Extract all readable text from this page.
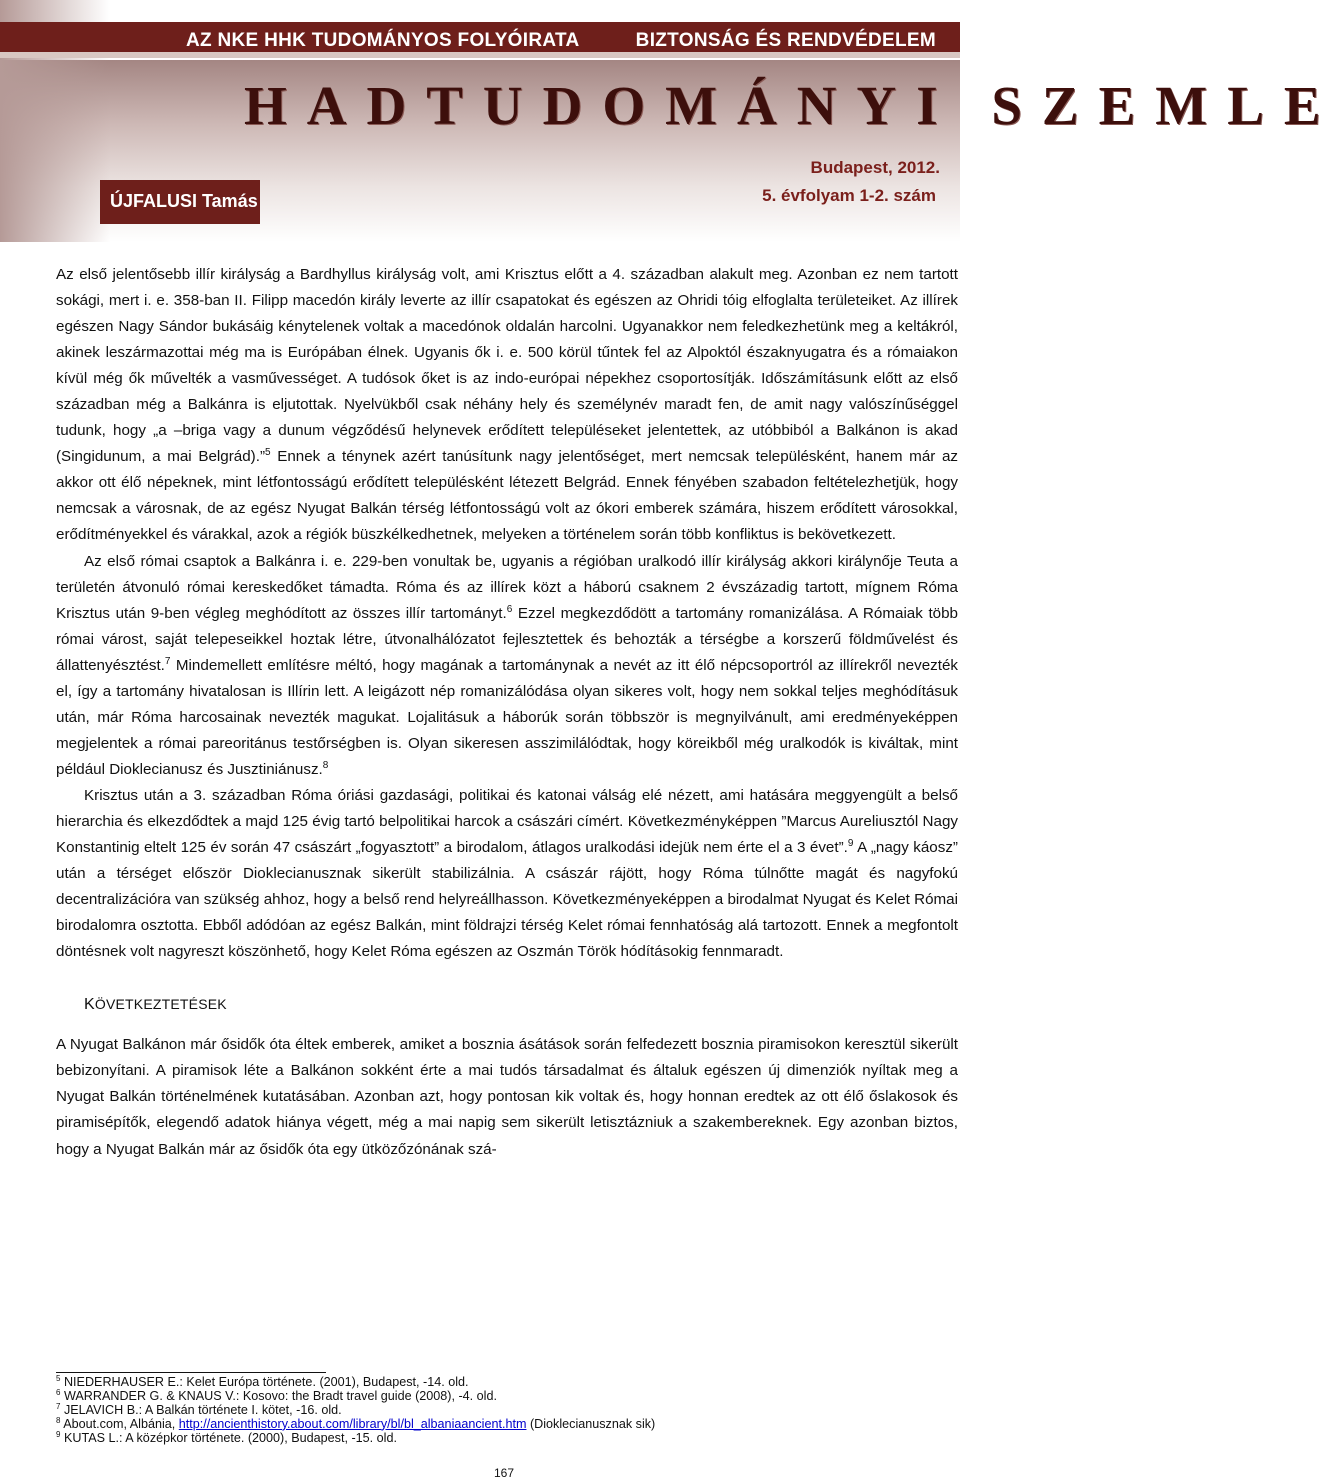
AZ NKE HHK TUDOMÁNYOS FOLYÓIRATA	BIZTONSÁG ÉS RENDVÉDELEM
HADTUDOMÁNYI SZEMLE
ÚJFALUSI Tamás
Budapest, 2012.
5. évfolyam 1-2. szám

Az első jelentősebb illír királyság a Bardhyllus királyság volt, ami Krisztus előtt a 4. században alakult meg. Azonban ez nem tartott sokági, mert i. e. 358-ban II. Filipp macedón király leverte az illír csapatokat és egészen az Ohridi tóig elfoglalta területeiket. Az illírek egészen Nagy Sándor bukásáig kénytelenek voltak a macedónok oldalán harcolni. Ugyanakkor nem feledkezhetünk meg a keltákról, akinek leszármazottai még ma is Európában élnek. Ugyanis ők i. e. 500 körül tűntek fel az Alpoktól északnyugatra és a rómaiakon kívül még ők művelték a vasművességet. A tudósok őket is az indo-európai népekhez csoportosítják. Időszámításunk előtt az első században még a Balkánra is eljutottak. Nyelvükből csak néhány hely és személynév maradt fen, de amit nagy valószínűséggel tudunk, hogy „a –briga vagy a dunum végződésű helynevek erődített településeket jelentettek, az utóbbiból a Balkánon is akad (Singidunum, a mai Belgrád).”$^5$ Ennek a ténynek azért tanúsítunk nagy jelentőséget, mert nemcsak településként, hanem már az akkor ott élő népeknek, mint létfontosságú erődített településként létezett Belgrád. Ennek fényében szabadon feltételezhetjük, hogy nemcsak a városnak, de az egész Nyugat Balkán térség létfontosságú volt az ókori emberek számára, hiszem erődített városokkal, erődítményekkel és várakkal, azok a régiók büszkélkedhetnek, melyeken a történelem során több konfliktus is bekövetkezett.

Az első római csaptok a Balkánra i. e. 229-ben vonultak be, ugyanis a régióban uralkodó illír királyság akkori királynője Teuta a területén átvonuló római kereskedőket támadta. Róma és az illírek közt a háború csaknem 2 évszázadig tartott, mígnem Róma Krisztus után 9-ben végleg meghódított az összes illír tartományt.$^6$ Ezzel megkezdődött a tartomány romanizálása. A Rómaiak több római várost, saját telepeseikkel hoztak létre, útvonalhálózatot fejlesztettek és behozták a térségbe a korszerű földművelést és állattenyésztést.$^7$ Mindemellett említésre méltó, hogy magának a tartománynak a nevét az itt élő népcsoportról az illírekről nevezték el, így a tartomány hivatalosan is Illírin lett. A leigázott nép romanizálódása olyan sikeres volt, hogy nem sokkal teljes meghódításuk után, már Róma harcosainak nevezték magukat. Lojalitásuk a háborúk során többször is megnyilvánult, ami eredményeképpen megjelentek a római pareoritánus testőrségben is. Olyan sikeresen asszimilálódtak, hogy köreikből még uralkodók is kiváltak, mint például Dioklecianusz és Jusztiniánusz.$^8$

Krisztus után a 3. században Róma óriási gazdasági, politikai és katonai válság elé nézett, ami hatására meggyengült a belső hierarchia és elkezdődtek a majd 125 évig tartó belpolitikai harcok a császári címért. Következményképpen ”Marcus Aureliusztól Nagy Konstantinig eltelt 125 év során 47 császárt „fogyasztott” a birodalom, átlagos uralkodási idejük nem érte el a 3 évet”.$^9$ A „nagy káosz” után a térséget először Dioklecianusznak sikerült stabilizálnia. A császár rájött, hogy Róma túlnőtte magát és nagyfokú decentralizációra van szükség ahhoz, hogy a belső rend helyreállhasson. Következményeképpen a birodalmat Nyugat és Kelet Római birodalomra osztotta. Ebből adódóan az egész Balkán, mint földrajzi térség Kelet római fennhatóság alá tartozott. Ennek a megfontolt döntésnek volt nagyreszt köszönhető, hogy Kelet Róma egészen az Oszmán Török hódításokig fennmaradt.

KÖVETKEZTETÉSEK

A Nyugat Balkánon már ősidők óta éltek emberek, amiket a bosznia ásátások során felfedezett bosznia piramisokon keresztül sikerült bebizonyítani. A piramisok léte a Balkánon sokként érte a mai tudós társadalmat és általuk egészen új dimenziók nyíltak meg a Nyugat Balkán történelmének kutatásában. Azonban azt, hogy pontosan kik voltak és, hogy honnan eredtek az ott élő őslakosok és piramisépítők, elegendő adatok hiánya végett, még a mai napig sem sikerült letisztázniuk a szakembereknek. Egy azonban biztos, hogy a Nyugat Balkán már az ősidők óta egy ütközőzónának szá-

$^5$ NIEDERHAUSER E.: Kelet Európa története. (2001), Budapest, -14. old.
$^6$ WARRANDER G. & KNAUS V.: Kosovo: the Bradt travel guide (2008), -4. old.
$^7$ JELAVICH B.: A Balkán története I. kötet, -16. old.
$^8$ About.com, Albánia, http://ancienthistory.about.com/library/bl/bl_albaniaancient.htm (Dioklecianusznak sik)
$^9$ KUTAS L.: A középkor története. (2000), Budapest, -15. old.
167
